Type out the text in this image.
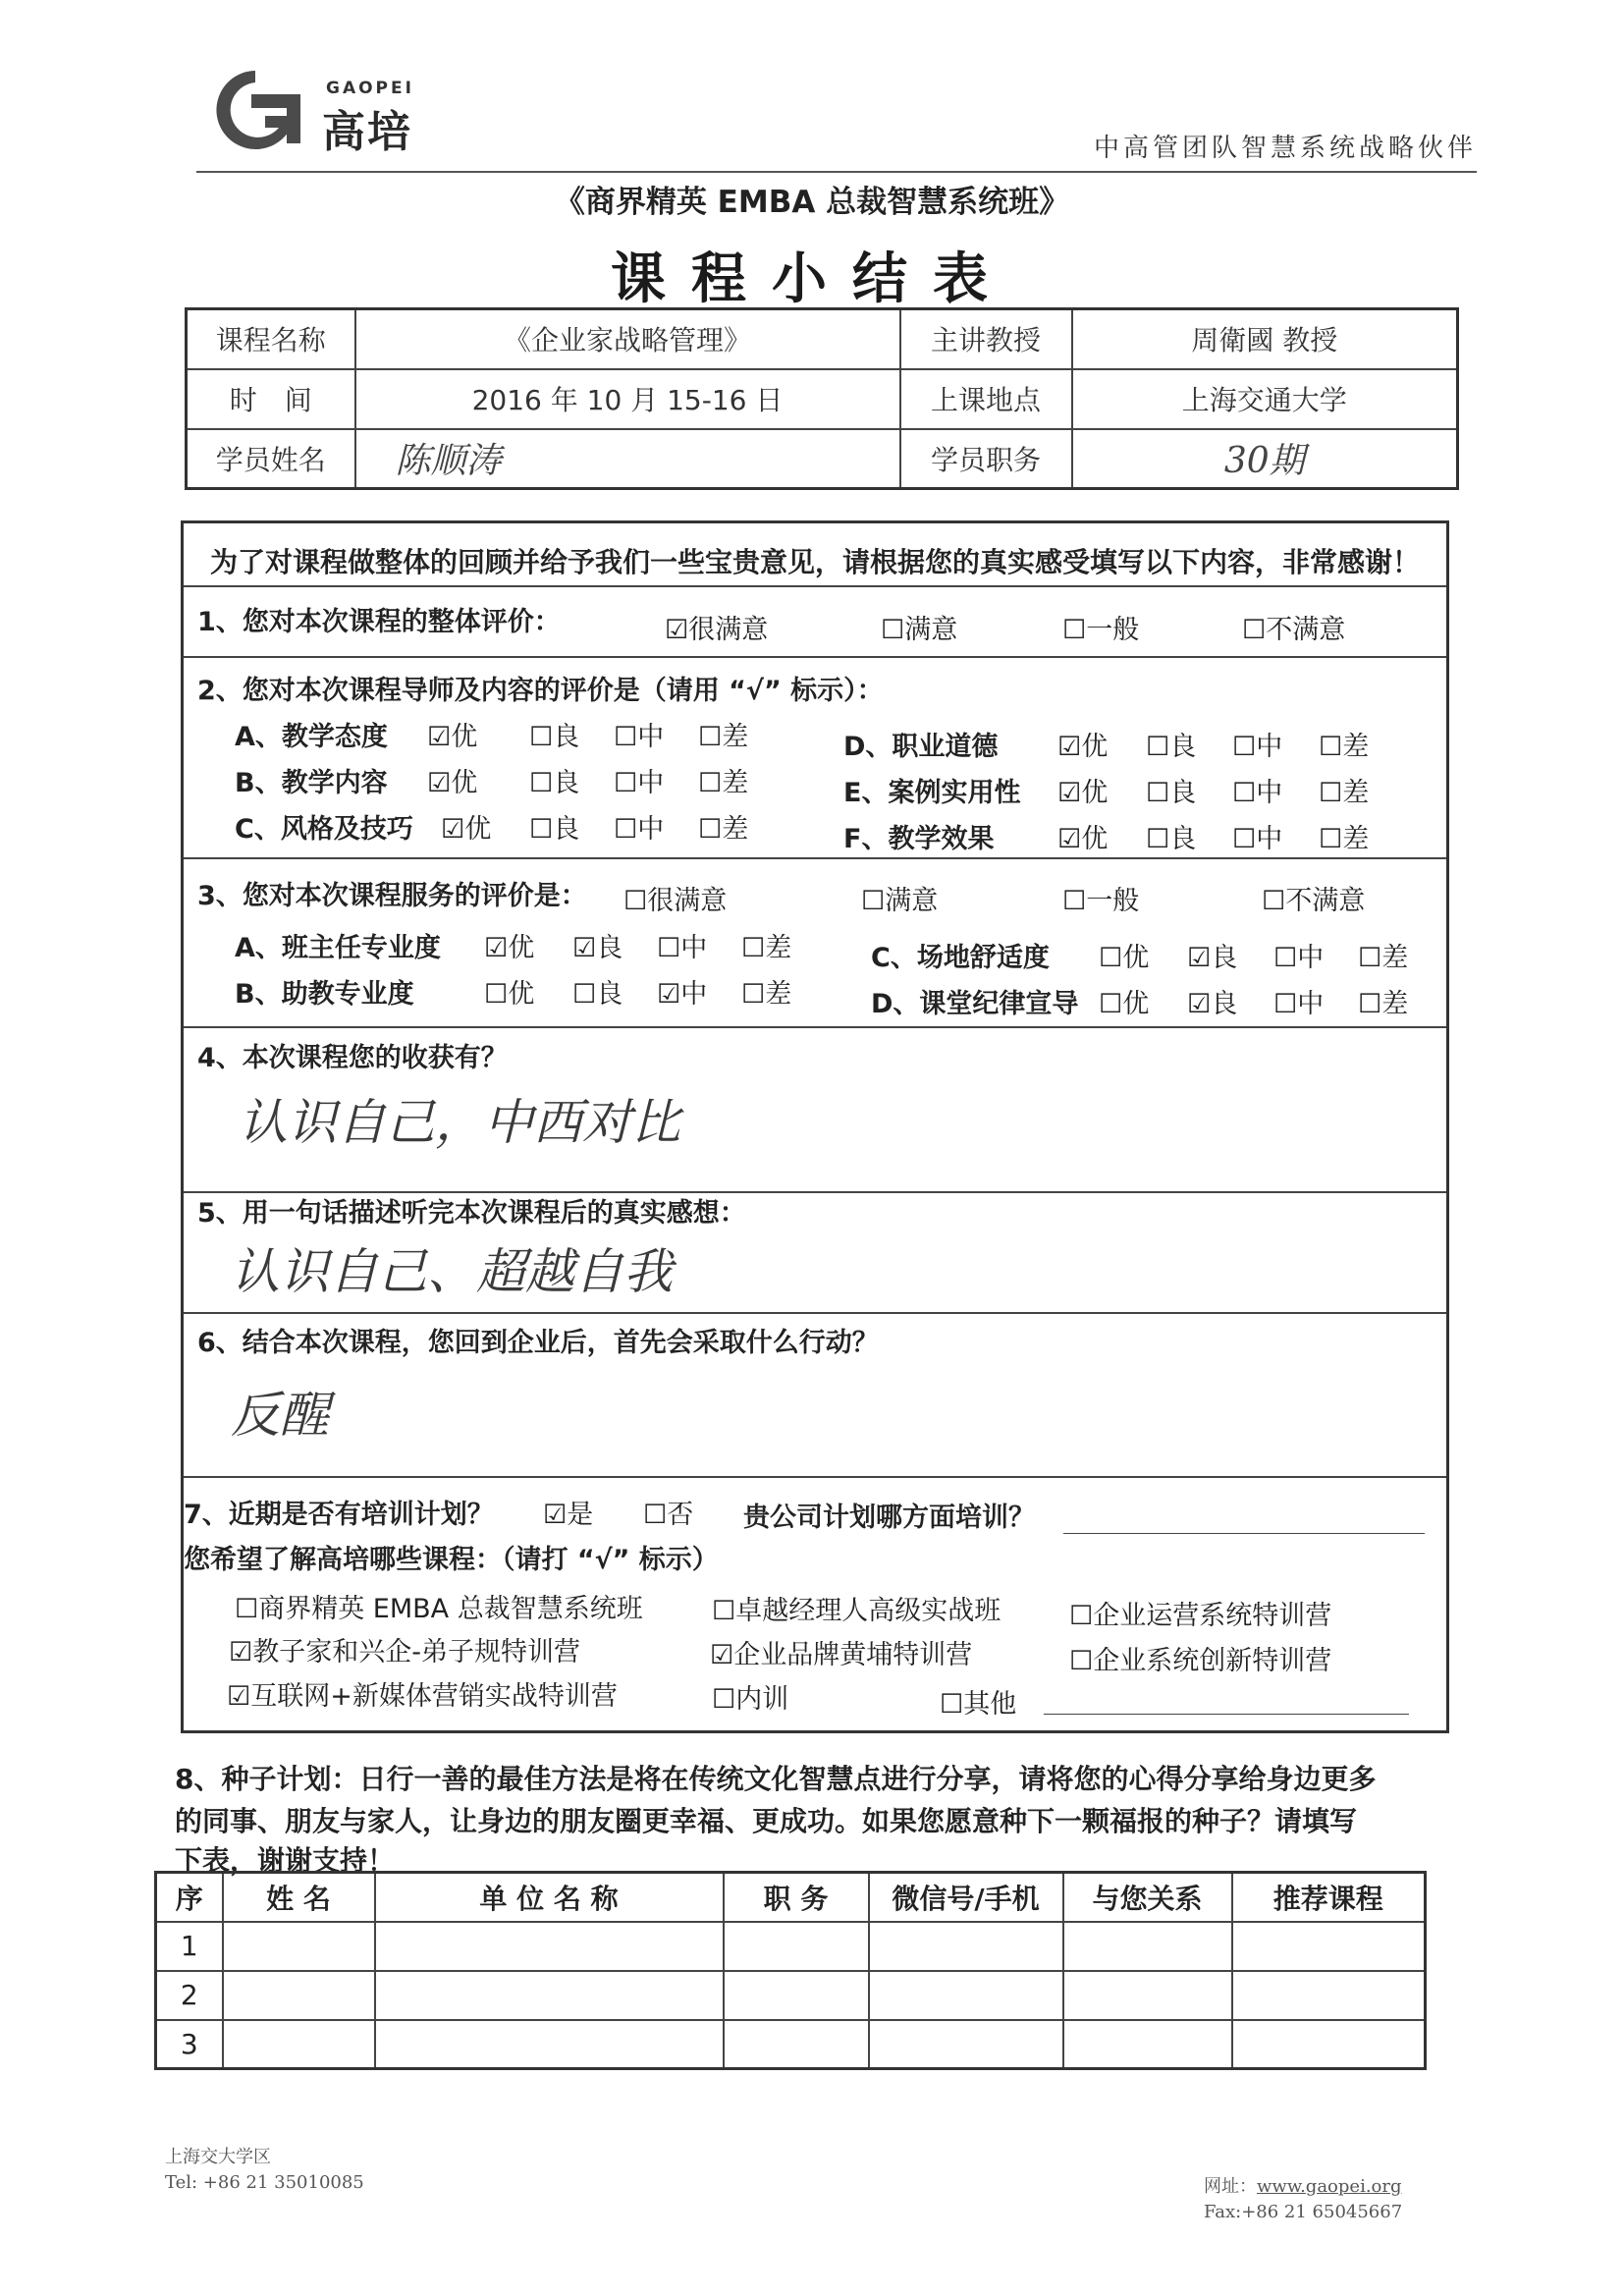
GAOPEI
高培	中高管团队智慧系统战略伙伴
《商界精英 EMBA 总裁智慧系统班》
课程小结表
课程名称	《企业家战略管理》	主讲教授	周衛國 教授
时　间	2016 年 10 月 15-16 日	上课地点	上海交通大学
学员姓名	陈顺涛	学员职务	30期
为了对课程做整体的回顾并给予我们一些宝贵意见，请根据您的真实感受填写以下内容，非常感谢！
1、您对本次课程的整体评价：	☑很满意	☐满意	☐一般	☐不满意
2、您对本次课程导师及内容的评价是（请用 “√” 标示）：
A、教学态度 ☑优 ☐良 ☐中 ☐差
B、教学内容 ☑优 ☐良 ☐中 ☐差
C、风格及技巧 ☑优 ☐良 ☐中 ☐差
D、职业道德 ☑优 ☐良 ☐中 ☐差
E、案例实用性 ☑优 ☐良 ☐中 ☐差
F、教学效果 ☑优 ☐良 ☐中 ☐差
3、您对本次课程服务的评价是： ☐很满意	☐满意	☐一般	☐不满意
A、班主任专业度 ☑优 ☑良 ☐中 ☐差
B、助教专业度	☐优 ☐良 ☑中 ☐差
C、场地舒适度 ☐优 ☑良 ☐中 ☐差
D、课堂纪律宣导 ☐优 ☑良 ☐中 ☐差
4、本次课程您的收获有？
认识自己，中西对比
5、用一句话描述听完本次课程后的真实感想：
认识自己、超越自我
6、结合本次课程，您回到企业后，首先会采取什么行动？
反醒
7、近期是否有培训计划？ ☑是 ☐否 贵公司计划哪方面培训？
您希望了解高培哪些课程：（请打 “√” 标示）
☐商界精英 EMBA 总裁智慧系统班	☐卓越经理人高级实战班	☐企业运营系统特训营
☑教子家和兴企-弟子规特训营	☑企业品牌黄埔特训营	☐企业系统创新特训营
☑互联网+新媒体营销实战特训营	☐内训	☐其他
8、种子计划：日行一善的最佳方法是将在传统文化智慧点进行分享，请将您的心得分享给身边更多
的同事、朋友与家人，让身边的朋友圈更幸福、更成功。如果您愿意种下一颗福报的种子？请填写
下表，谢谢支持！
序	姓 名	单 位 名 称	职 务	微信号/手机	与您关系	推荐课程
1						
2						
3						
上海交大学区
Tel: +86 21 35010085	网址：www.gaopei.org
Fax:+86 21 65045667
